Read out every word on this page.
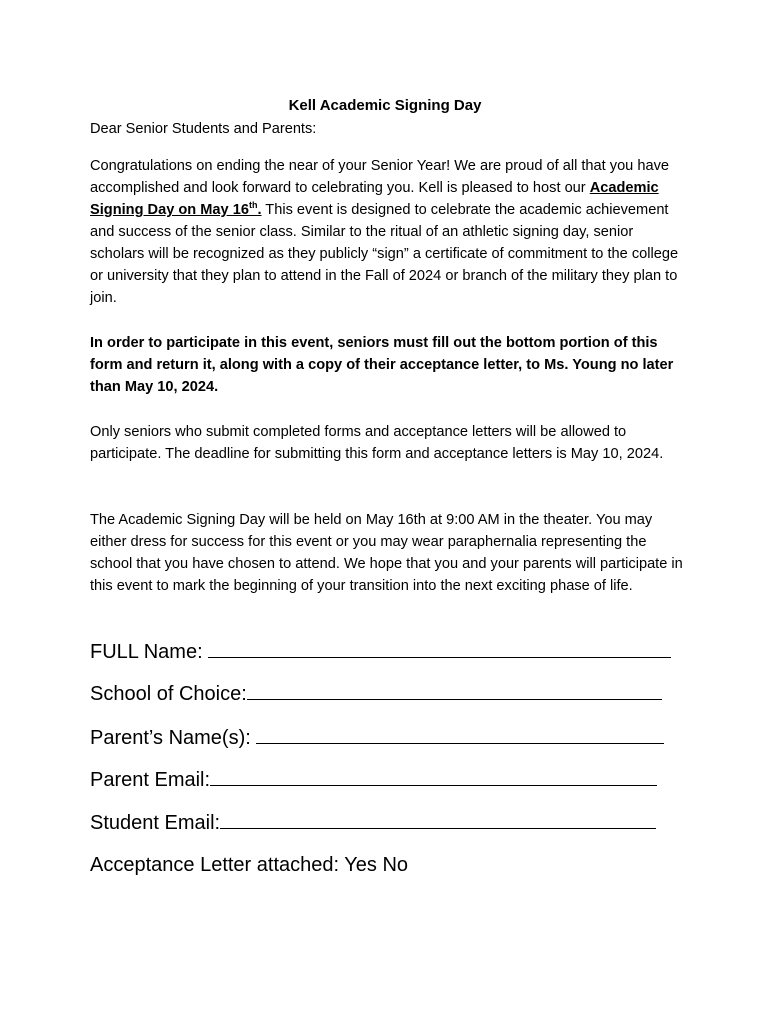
Kell Academic Signing Day

Dear Senior Students and Parents:

Congratulations on ending the near of your Senior Year! We are proud of all that you have accomplished and look forward to celebrating you. Kell is pleased to host our Academic Signing Day on May 16th. This event is designed to celebrate the academic achievement and success of the senior class. Similar to the ritual of an athletic signing day, senior scholars will be recognized as they publicly “sign” a certificate of commitment to the college or university that they plan to attend in the Fall of 2024 or branch of the military they plan to join.

In order to participate in this event, seniors must fill out the bottom portion of this form and return it, along with a copy of their acceptance letter, to Ms. Young no later than May 10, 2024.

Only seniors who submit completed forms and acceptance letters will be allowed to participate. The deadline for submitting this form and acceptance letters is May 10, 2024.

The Academic Signing Day will be held on May 16th at 9:00 AM in the theater. You may either dress for success for this event or you may wear paraphernalia representing the school that you have chosen to attend. We hope that you and your parents will participate in this event to mark the beginning of your transition into the next exciting phase of life.

FULL Name:
School of Choice:
Parent’s Name(s):
Parent Email:
Student Email:
Acceptance Letter attached: Yes No
